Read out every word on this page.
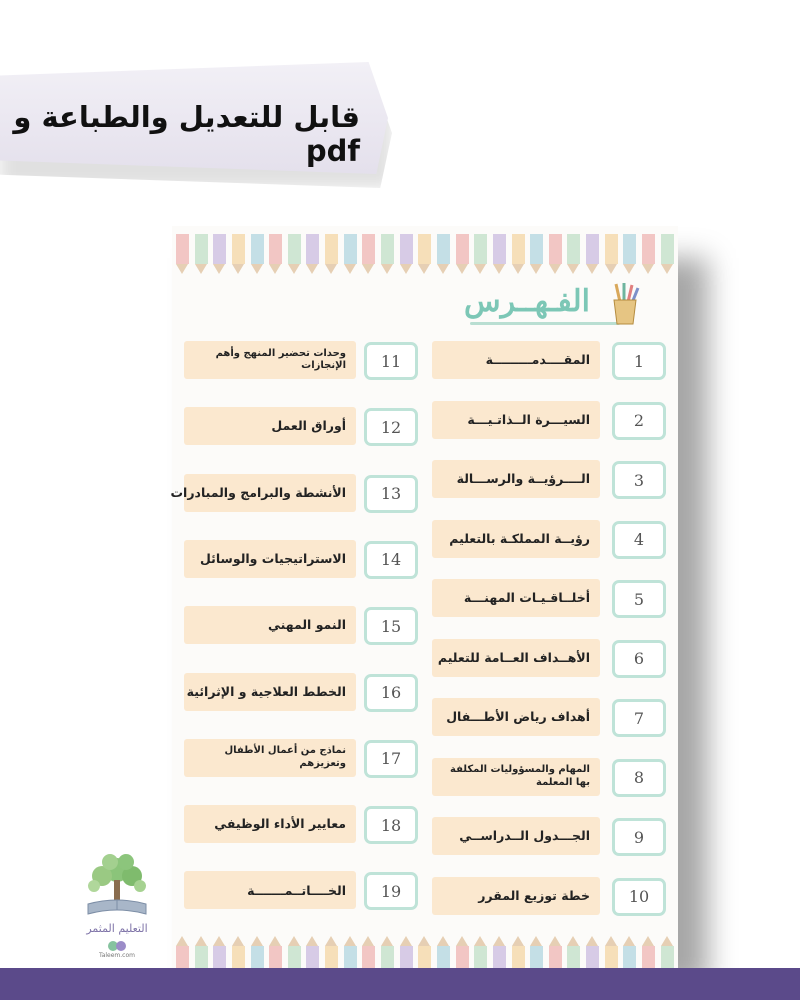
قابل للتعديل والطباعة و pdf
الفـهــرس
1
المقــــدمـــــــــة
2
السيـــرة الــذاتـيـــة
3
الــــرؤيــة والرســـالة
4
رؤيــة المملكـة بالتعليم
5
أخلــاقـيـات المهنـــة
6
الأهــداف العــامة للتعليم
7
أهداف رياض الأطـــفال
8
المهام والمسؤوليات المكلفة بها المعلمة
9
الجـــدول الــدراســي
10
خطة توزيع المقرر
11
وحدات تحضير المنهج وأهم الإنجازات
12
أوراق العمل
13
الأنشطة والبرامج والمبادرات
14
الاستراتيجيات والوسائل
15
النمو المهني
16
الخطط العلاجية و الإثرائية
17
نماذج من أعمال الأطفال وتعزيزهم
18
معايير الأداء الوظيفي
19
الخــــاتــمـــــــة
التعليم المثمر
Taleem.com
